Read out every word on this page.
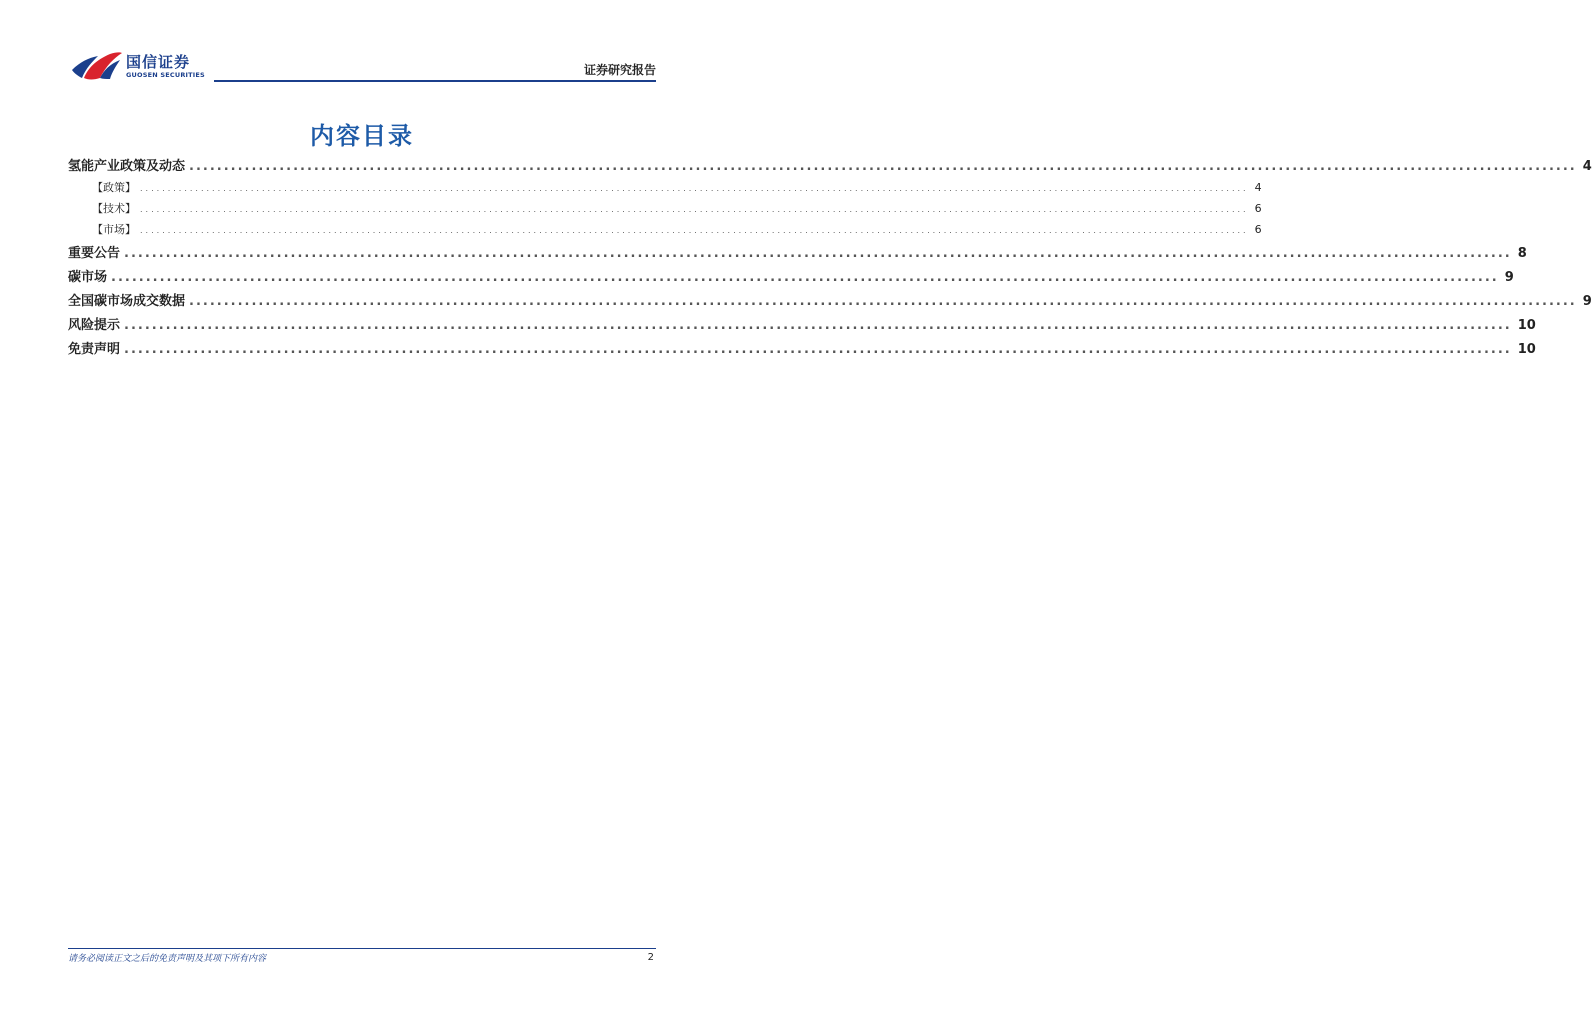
国信证券
GUOSEN SECURITIES	证券研究报告
内容目录
氢能产业政策及动态 ........................................................................................................................................................................................................ 4
【政策】 ........................................................................................................................................................................................................ 4
【技术】 ........................................................................................................................................................................................................ 6
【市场】 ........................................................................................................................................................................................................ 6
重要公告 ........................................................................................................................................................................................................ 8
碳市场 ........................................................................................................................................................................................................ 9
全国碳市场成交数据 ........................................................................................................................................................................................................ 9
风险提示 ........................................................................................................................................................................................................ 10
免责声明 ........................................................................................................................................................................................................ 10
请务必阅读正文之后的免责声明及其项下所有内容	2
